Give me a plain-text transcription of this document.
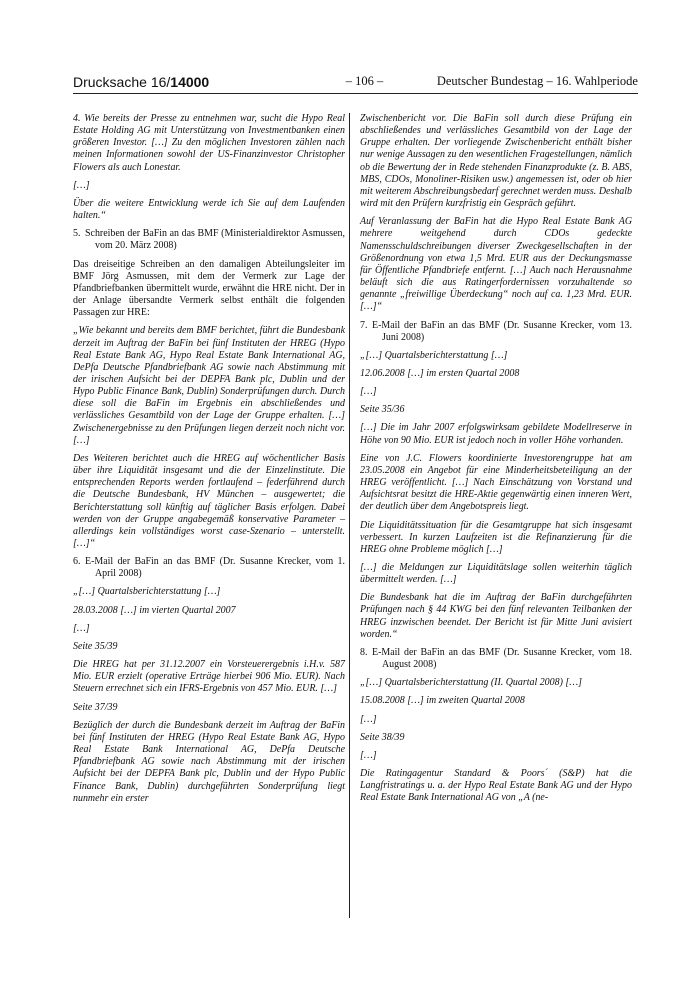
Drucksache 16/14000	– 106 –	Deutscher Bundestag – 16. Wahlperiode

4. Wie bereits der Presse zu entnehmen war, sucht die Hypo Real Estate Holding AG mit Unterstützung von Investmentbanken einen größeren Investor. […] Zu den möglichen Investoren zählen nach meinen Informationen sowohl der US-Finanzinvestor Christopher Flowers als auch Lonestar.

[…]

Über die weitere Entwicklung werde ich Sie auf dem Laufenden halten.“

5. Schreiben der BaFin an das BMF (Ministerialdirektor Asmussen, vom 20. März 2008)

Das dreiseitige Schreiben an den damaligen Abteilungsleiter im BMF Jörg Asmussen, mit dem der Vermerk zur Lage der Pfandbriefbanken übermittelt wurde, erwähnt die HRE nicht. Der in der Anlage übersandte Vermerk selbst enthält die folgenden Passagen zur HRE:

„Wie bekannt und bereits dem BMF berichtet, führt die Bundesbank derzeit im Auftrag der BaFin bei fünf Instituten der HREG (Hypo Real Estate Bank AG, Hypo Real Estate Bank International AG, DePfa Deutsche Pfandbriefbank AG sowie nach Abstimmung mit der irischen Aufsicht bei der DEPFA Bank plc, Dublin und der Hypo Public Finance Bank, Dublin) Sonderprüfungen durch. Durch diese soll die BaFin im Ergebnis ein abschließendes und verlässliches Gesamtbild von der Lage der Gruppe erhalten. […] Zwischenergebnisse zu den Prüfungen liegen derzeit noch nicht vor. […]

Des Weiteren berichtet auch die HREG auf wöchentlicher Basis über ihre Liquidität insgesamt und die der Einzelinstitute. Die entsprechenden Reports werden fortlaufend – federführend durch die Deutsche Bundesbank, HV München – ausgewertet; die Berichterstattung soll künftig auf täglicher Basis erfolgen. Dabei werden von der Gruppe angabegemäß konservative Parameter – allerdings kein vollständiges worst case-Szenario – unterstellt. […]“

6. E-Mail der BaFin an das BMF (Dr. Susanne Krecker, vom 1. April 2008)

„[…] Quartalsberichterstattung […]

28.03.2008 […] im vierten Quartal 2007

[…]

Seite 35/39

Die HREG hat per 31.12.2007 ein Vorsteuerergebnis i.H.v. 587 Mio. EUR erzielt (operative Erträge hierbei 906 Mio. EUR). Nach Steuern errechnet sich ein IFRS-Ergebnis von 457 Mio. EUR. […]

Seite 37/39

Bezüglich der durch die Bundesbank derzeit im Auftrag der BaFin bei fünf Instituten der HREG (Hypo Real Estate Bank AG, Hypo Real Estate Bank International AG, DePfa Deutsche Pfandbriefbank AG sowie nach Abstimmung mit der irischen Aufsicht bei der DEPFA Bank plc, Dublin und der Hypo Public Finance Bank, Dublin) durchgeführten Sonderprüfung liegt nunmehr ein erster

Zwischenbericht vor. Die BaFin soll durch diese Prüfung ein abschließendes und verlässliches Gesamtbild von der Lage der Gruppe erhalten. Der vorliegende Zwischenbericht enthält bisher nur wenige Aussagen zu den wesentlichen Fragestellungen, nämlich ob die Bewertung der in Rede stehenden Finanzprodukte (z. B. ABS, MBS, CDOs, Monoliner-Risiken usw.) angemessen ist, oder ob hier mit weiterem Abschreibungsbedarf gerechnet werden muss. Deshalb wird mit den Prüfern kurzfristig ein Gespräch geführt.

Auf Veranlassung der BaFin hat die Hypo Real Estate Bank AG mehrere weitgehend durch CDOs gedeckte Namensschuldschreibungen diverser Zweckgesellschaften in der Größenordnung von etwa 1,5 Mrd. EUR aus der Deckungsmasse für Öffentliche Pfandbriefe entfernt. […] Auch nach Herausnahme beläuft sich die aus Ratingerfordernissen vorzuhaltende so genannte „freiwillige Überdeckung“ noch auf ca. 1,23 Mrd. EUR. […]“

7. E-Mail der BaFin an das BMF (Dr. Susanne Krecker, vom 13. Juni 2008)

„[…] Quartalsberichterstattung […]

12.06.2008 […] im ersten Quartal 2008

[…]

Seite 35/36

[…] Die im Jahr 2007 erfolgswirksam gebildete Modellreserve in Höhe von 90 Mio. EUR ist jedoch noch in voller Höhe vorhanden.

Eine von J.C. Flowers koordinierte Investorengruppe hat am 23.05.2008 ein Angebot für eine Minderheitsbeteiligung an der HREG veröffentlicht. […] Nach Einschätzung von Vorstand und Aufsichtsrat besitzt die HRE-Aktie gegenwärtig einen inneren Wert, der deutlich über dem Angebotspreis liegt.

Die Liquiditätssituation für die Gesamtgruppe hat sich insgesamt verbessert. In kurzen Laufzeiten ist die Refinanzierung für die HREG ohne Probleme möglich […]

[…] die Meldungen zur Liquiditätslage sollen weiterhin täglich übermittelt werden. […]

Die Bundesbank hat die im Auftrag der BaFin durchgeführten Prüfungen nach § 44 KWG bei den fünf relevanten Teilbanken der HREG inzwischen beendet. Der Bericht ist für Mitte Juni avisiert worden.“

8. E-Mail der BaFin an das BMF (Dr. Susanne Krecker, vom 18. August 2008)

„[…] Quartalsberichterstattung (II. Quartal 2008) […]

15.08.2008 […] im zweiten Quartal 2008

[…]

Seite 38/39

[…]

Die Ratingagentur Standard & Poors´ (S&P) hat die Langfristratings u. a. der Hypo Real Estate Bank AG und der Hypo Real Estate Bank International AG von „A (ne-
